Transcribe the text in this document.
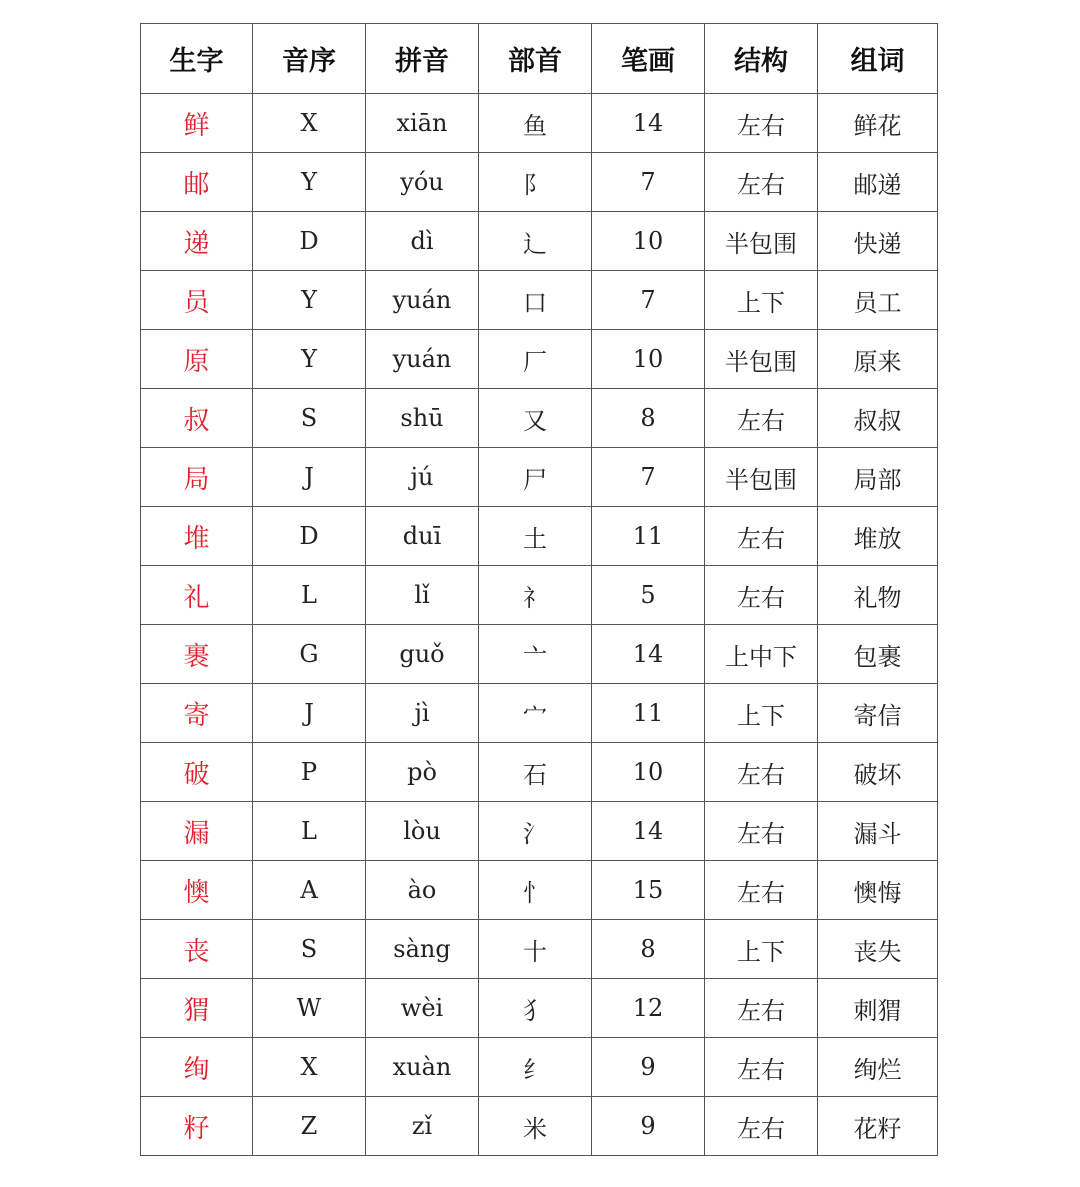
生字	音序	拼音	部首	笔画	结构	组词
鲜	X	xiān	鱼	14	左右	鲜花
邮	Y	yóu	阝	7	左右	邮递
递	D	dì	辶	10	半包围	快递
员	Y	yuán	口	7	上下	员工
原	Y	yuán	厂	10	半包围	原来
叔	S	shū	又	8	左右	叔叔
局	J	jú	尸	7	半包围	局部
堆	D	duī	土	11	左右	堆放
礼	L	lǐ	礻	5	左右	礼物
裹	G	guǒ	亠	14	上中下	包裹
寄	J	jì	宀	11	上下	寄信
破	P	pò	石	10	左右	破坏
漏	L	lòu	氵	14	左右	漏斗
懊	A	ào	忄	15	左右	懊悔
丧	S	sàng	十	8	上下	丧失
猬	W	wèi	犭	12	左右	刺猬
绚	X	xuàn	纟	9	左右	绚烂
籽	Z	zǐ	米	9	左右	花籽
